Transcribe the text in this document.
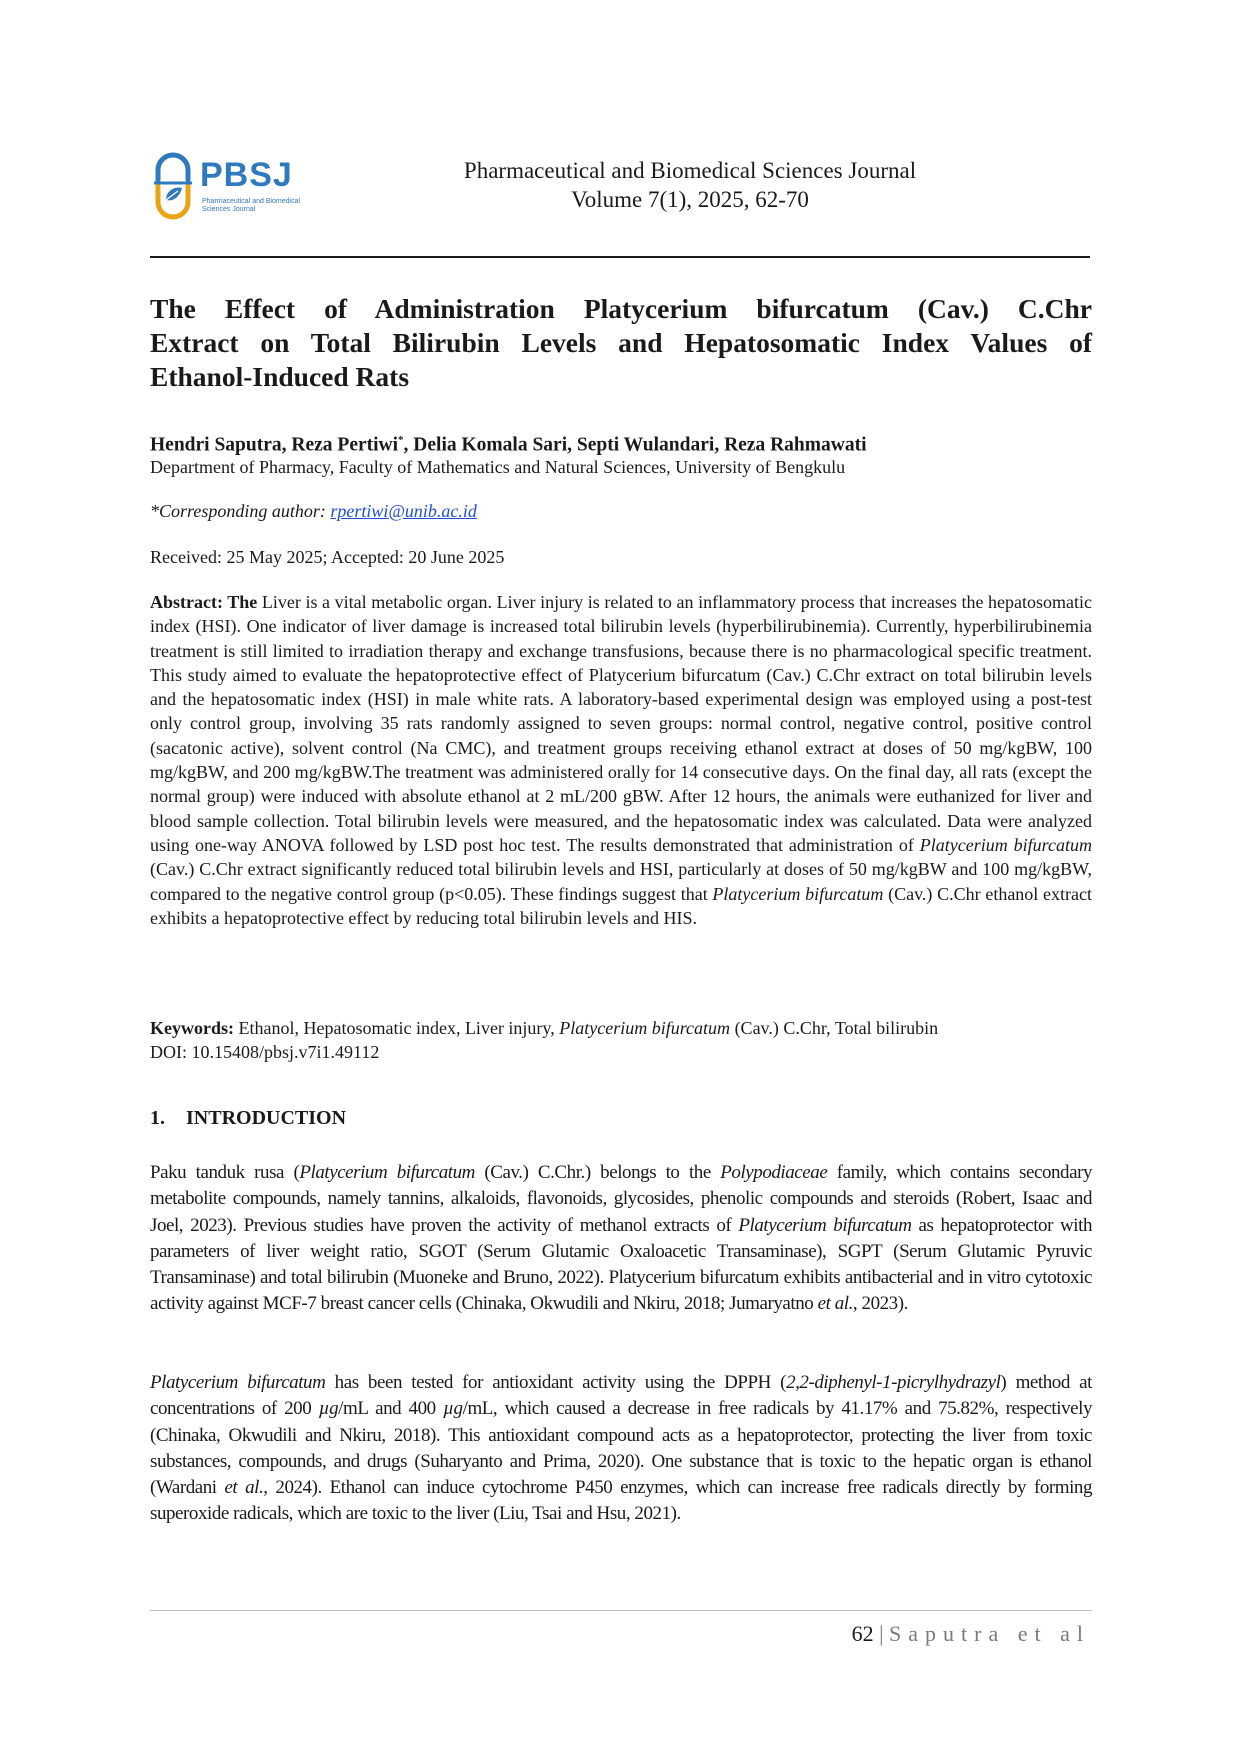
PBSJ
Pharmaceutical and Biomedical Sciences Journal
Pharmaceutical and Biomedical Sciences Journal
Volume 7(1), 2025, 62-70
The Effect of Administration Platycerium bifurcatum (Cav.) C.Chr
Extract on Total Bilirubin Levels and Hepatosomatic Index Values of
Ethanol-Induced Rats
Hendri Saputra, Reza Pertiwi*, Delia Komala Sari, Septi Wulandari, Reza Rahmawati
Department of Pharmacy, Faculty of Mathematics and Natural Sciences, University of Bengkulu
*Corresponding author: rpertiwi@unib.ac.id
Received: 25 May 2025; Accepted: 20 June 2025
Abstract: The Liver is a vital metabolic organ. Liver injury is related to an inflammatory process that increases the hepatosomatic index (HSI). One indicator of liver damage is increased total bilirubin levels (hyperbilirubinemia). Currently, hyperbilirubinemia treatment is still limited to irradiation therapy and exchange transfusions, because there is no pharmacological specific treatment. This study aimed to evaluate the hepatoprotective effect of Platycerium bifurcatum (Cav.) C.Chr extract on total bilirubin levels and the hepatosomatic index (HSI) in male white rats. A laboratory-based experimental design was employed using a post-test only control group, involving 35 rats randomly assigned to seven groups: normal control, negative control, positive control (sacatonic active), solvent control (Na CMC), and treatment groups receiving ethanol extract at doses of 50 mg/kgBW, 100 mg/kgBW, and 200 mg/kgBW.The treatment was administered orally for 14 consecutive days. On the final day, all rats (except the normal group) were induced with absolute ethanol at 2 mL/200 gBW. After 12 hours, the animals were euthanized for liver and blood sample collection. Total bilirubin levels were measured, and the hepatosomatic index was calculated. Data were analyzed using one-way ANOVA followed by LSD post hoc test. The results demonstrated that administration of Platycerium bifurcatum (Cav.) C.Chr extract significantly reduced total bilirubin levels and HSI, particularly at doses of 50 mg/kgBW and 100 mg/kgBW, compared to the negative control group (p<0.05). These findings suggest that Platycerium bifurcatum (Cav.) C.Chr ethanol extract exhibits a hepatoprotective effect by reducing total bilirubin levels and HIS.
Keywords: Ethanol, Hepatosomatic index, Liver injury, Platycerium bifurcatum (Cav.) C.Chr, Total bilirubin
DOI: 10.15408/pbsj.v7i1.49112
1. INTRODUCTION
Paku tanduk rusa (Platycerium bifurcatum (Cav.) C.Chr.) belongs to the Polypodiaceae family, which contains secondary metabolite compounds, namely tannins, alkaloids, flavonoids, glycosides, phenolic compounds and steroids (Robert, Isaac and Joel, 2023). Previous studies have proven the activity of methanol extracts of Platycerium bifurcatum as hepatoprotector with parameters of liver weight ratio, SGOT (Serum Glutamic Oxaloacetic Transaminase), SGPT (Serum Glutamic Pyruvic Transaminase) and total bilirubin (Muoneke and Bruno, 2022). Platycerium bifurcatum exhibits antibacterial and in vitro cytotoxic activity against MCF-7 breast cancer cells (Chinaka, Okwudili and Nkiru, 2018; Jumaryatno et al., 2023).
Platycerium bifurcatum has been tested for antioxidant activity using the DPPH (2,2-diphenyl-1-picrylhydrazyl) method at concentrations of 200 µg/mL and 400 µg/mL, which caused a decrease in free radicals by 41.17% and 75.82%, respectively (Chinaka, Okwudili and Nkiru, 2018). This antioxidant compound acts as a hepatoprotector, protecting the liver from toxic substances, compounds, and drugs (Suharyanto and Prima, 2020). One substance that is toxic to the hepatic organ is ethanol (Wardani et al., 2024). Ethanol can induce cytochrome P450 enzymes, which can increase free radicals directly by forming superoxide radicals, which are toxic to the liver (Liu, Tsai and Hsu, 2021).
62 | Saputra et al
